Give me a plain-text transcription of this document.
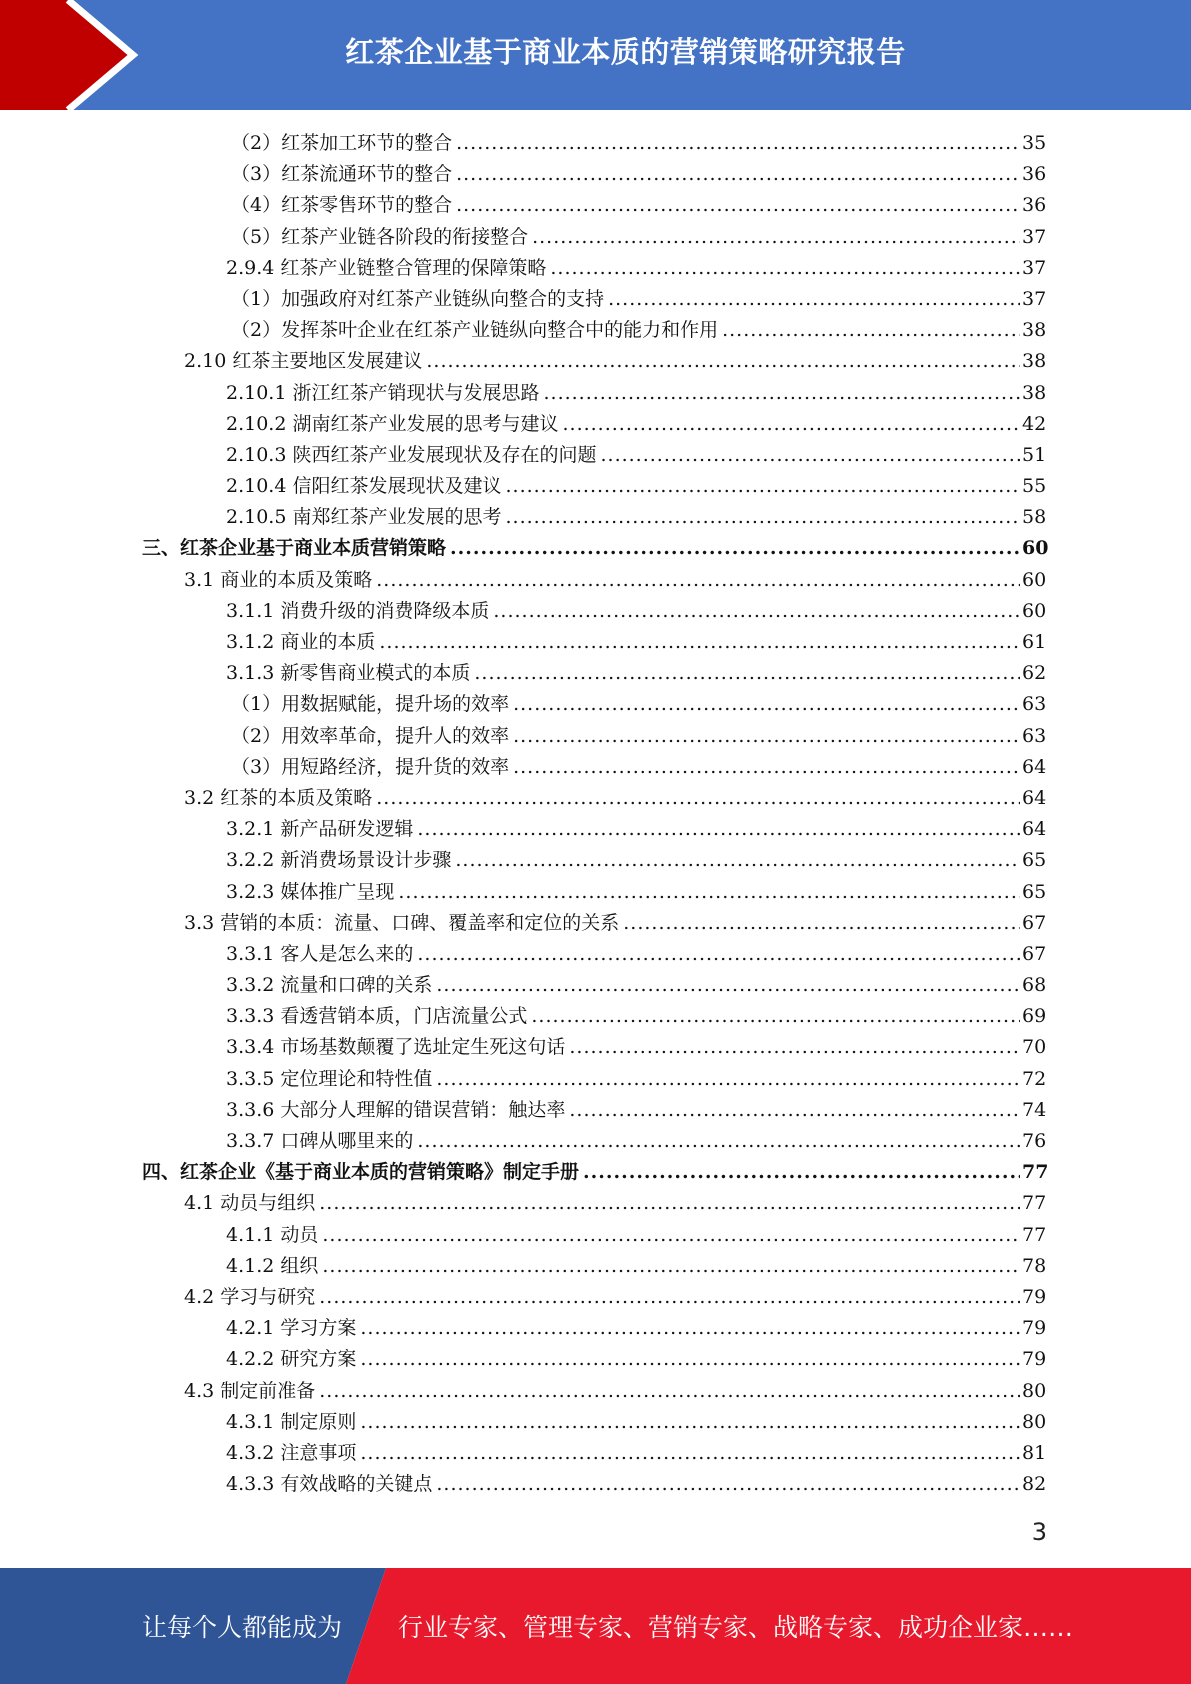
红茶企业基于商业本质的营销策略研究报告
（2）红茶加工环节的整合 .....	35
（3）红茶流通环节的整合 .....	36
（4）红茶零售环节的整合 .....	36
（5）红茶产业链各阶段的衔接整合 .....	37
2.9.4 红茶产业链整合管理的保障策略 .....	37
（1）加强政府对红茶产业链纵向整合的支持 .....	37
（2）发挥茶叶企业在红茶产业链纵向整合中的能力和作用 .....	38
2.10 红茶主要地区发展建议 .....	38
2.10.1 浙江红茶产销现状与发展思路 .....	38
2.10.2 湖南红茶产业发展的思考与建议 .....	42
2.10.3 陕西红茶产业发展现状及存在的问题 .....	51
2.10.4 信阳红茶发展现状及建议 .....	55
2.10.5 南郑红茶产业发展的思考 .....	58
三、红茶企业基于商业本质营销策略 .....	60
3.1 商业的本质及策略 .....	60
3.1.1 消费升级的消费降级本质 .....	60
3.1.2 商业的本质 .....	61
3.1.3 新零售商业模式的本质 .....	62
（1）用数据赋能，提升场的效率 .....	63
（2）用效率革命，提升人的效率 .....	63
（3）用短路经济，提升货的效率 .....	64
3.2 红茶的本质及策略 .....	64
3.2.1 新产品研发逻辑 .....	64
3.2.2 新消费场景设计步骤 .....	65
3.2.3 媒体推广呈现 .....	65
3.3 营销的本质：流量、口碑、覆盖率和定位的关系 .....	67
3.3.1 客人是怎么来的 .....	67
3.3.2 流量和口碑的关系 .....	68
3.3.3 看透营销本质，门店流量公式 .....	69
3.3.4 市场基数颠覆了选址定生死这句话 .....	70
3.3.5 定位理论和特性值 .....	72
3.3.6 大部分人理解的错误营销：触达率 .....	74
3.3.7 口碑从哪里来的 .....	76
四、红茶企业《基于商业本质的营销策略》制定手册 .....	77
4.1 动员与组织 .....	77
4.1.1 动员 .....	77
4.1.2 组织 .....	78
4.2 学习与研究 .....	79
4.2.1 学习方案 .....	79
4.2.2 研究方案 .....	79
4.3 制定前准备 .....	80
4.3.1 制定原则 .....	80
4.3.2 注意事项 .....	81
4.3.3 有效战略的关键点 .....	82
3
让每个人都能成为 行业专家、管理专家、营销专家、战略专家、成功企业家……
